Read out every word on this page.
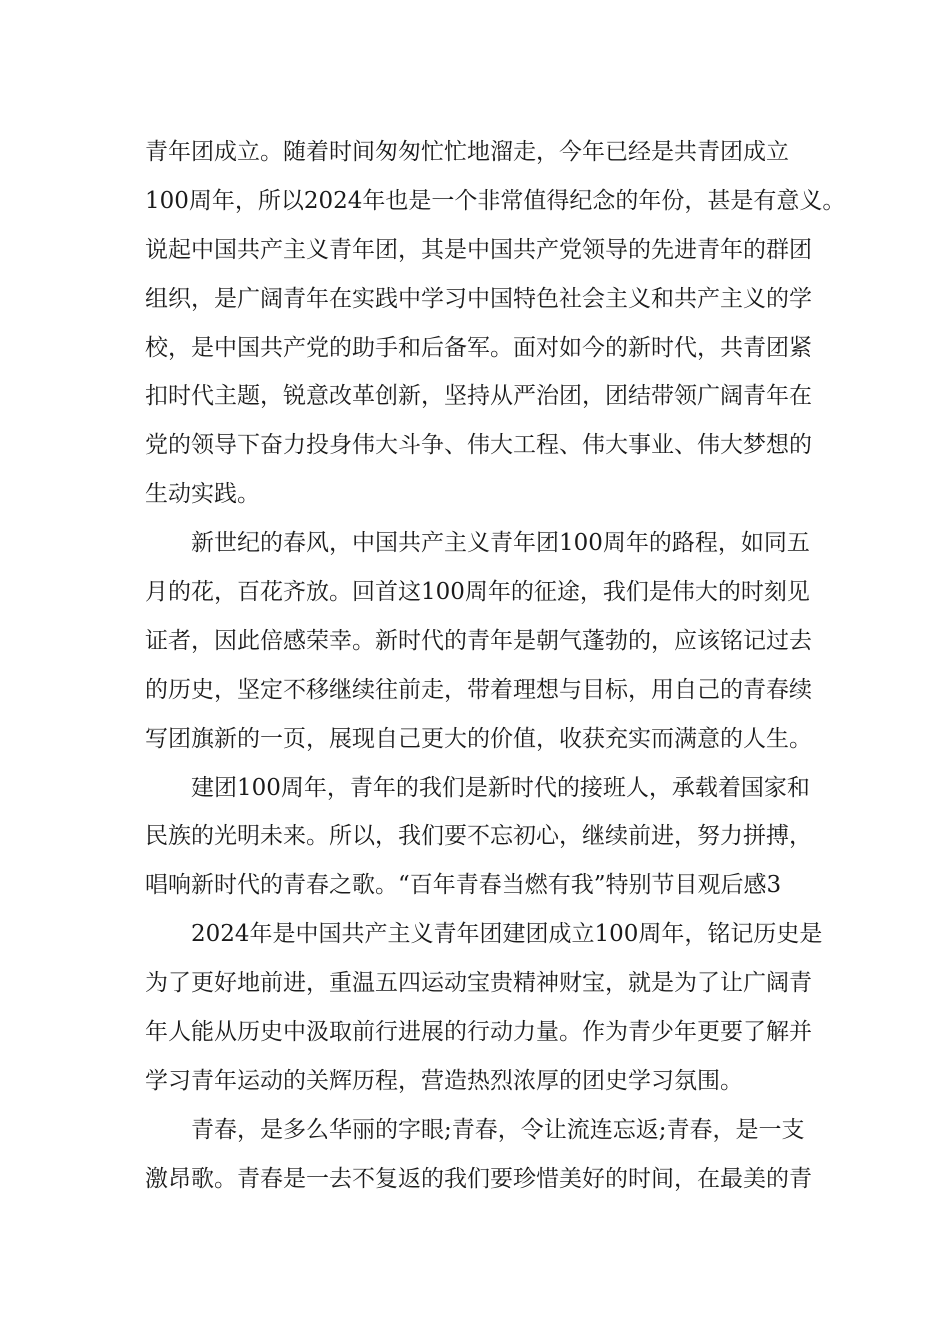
青年团成立。随着时间匆匆忙忙地溜走，今年已经是共青团成立
100周年，所以2024年也是一个非常值得纪念的年份，甚是有意义。
说起中国共产主义青年团，其是中国共产党领导的先进青年的群团
组织，是广阔青年在实践中学习中国特色社会主义和共产主义的学
校，是中国共产党的助手和后备军。面对如今的新时代，共青团紧
扣时代主题，锐意改革创新，坚持从严治团，团结带领广阔青年在
党的领导下奋力投身伟大斗争、伟大工程、伟大事业、伟大梦想的
生动实践。
新世纪的春风，中国共产主义青年团100周年的路程，如同五
月的花，百花齐放。回首这100周年的征途，我们是伟大的时刻见
证者，因此倍感荣幸。新时代的青年是朝气蓬勃的，应该铭记过去
的历史，坚定不移继续往前走，带着理想与目标，用自己的青春续
写团旗新的一页，展现自己更大的价值，收获充实而满意的人生。
建团100周年，青年的我们是新时代的接班人，承载着国家和
民族的光明未来。所以，我们要不忘初心，继续前进，努力拼搏，
唱响新时代的青春之歌。“百年青春当燃有我”特别节目观后感3
2024年是中国共产主义青年团建团成立100周年，铭记历史是
为了更好地前进，重温五四运动宝贵精神财宝，就是为了让广阔青
年人能从历史中汲取前行进展的行动力量。作为青少年更要了解并
学习青年运动的关辉历程，营造热烈浓厚的团史学习氛围。
青春，是多么华丽的字眼;青春，令让流连忘返;青春，是一支
激昂歌。青春是一去不复返的我们要珍惜美好的时间，在最美的青
